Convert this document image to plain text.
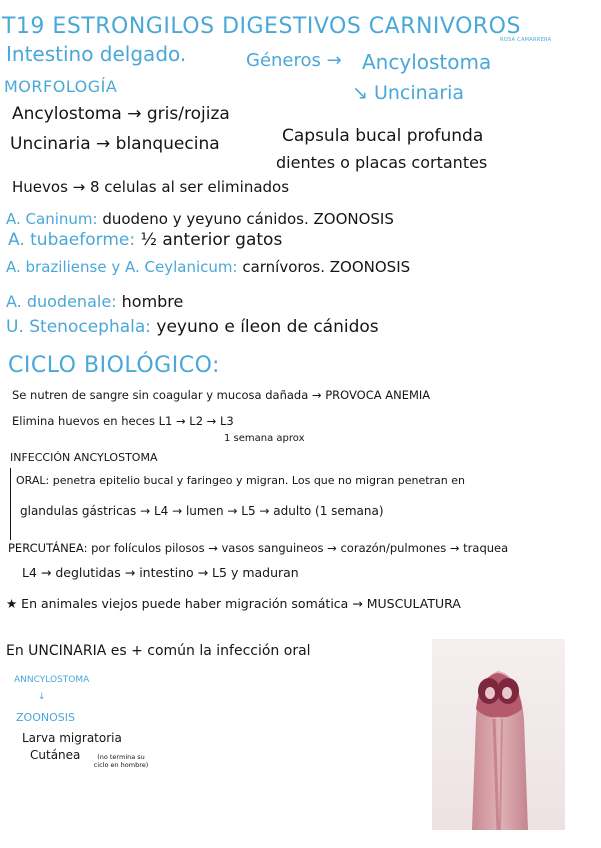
T19 ESTRONGILOS DIGESTIVOS CARNIVOROS
ROSA CAMARRERA
Intestino delgado.	Géneros → Ancylostoma
↘ Uncinaria
MORFOLOGÍA
Ancylostoma → gris/rojiza
Uncinaria → blanquecina	Capsula bucal profunda
dientes o placas cortantes
Huevos → 8 celulas al ser eliminados
A. Caninum: duodeno y yeyuno cánidos. ZOONOSIS
A. tubaeforme: ½ anterior gatos
A. braziliense y A. Ceylanicum: carnívoros. ZOONOSIS
A. duodenale: hombre
U. Stenocephala: yeyuno e íleon de cánidos
CICLO BIOLÓGICO:
Se nutren de sangre sin coagular y mucosa dañada → PROVOCA ANEMIA
Elimina huevos en heces L1 → L2 → L3
1 semana aprox
INFECCIÓN ANCYLOSTOMA
ORAL: penetra epitelio bucal y faringeo y migran. Los que no migran penetran en
glandulas gástricas → L4 → lumen → L5 → adulto (1 semana)
PERCUTÁNEA: por folículos pilosos → vasos sanguineos → corazón/pulmones → traquea
L4 → deglutidas → intestino → L5 y maduran
★ En animales viejos puede haber migración somática → MUSCULATURA
En UNCINARIA es + común la infección oral
ANNCYLOSTOMA
↓
ZOONOSIS
Larva migratoria
Cutánea	(no termina su ciclo en hombre)
